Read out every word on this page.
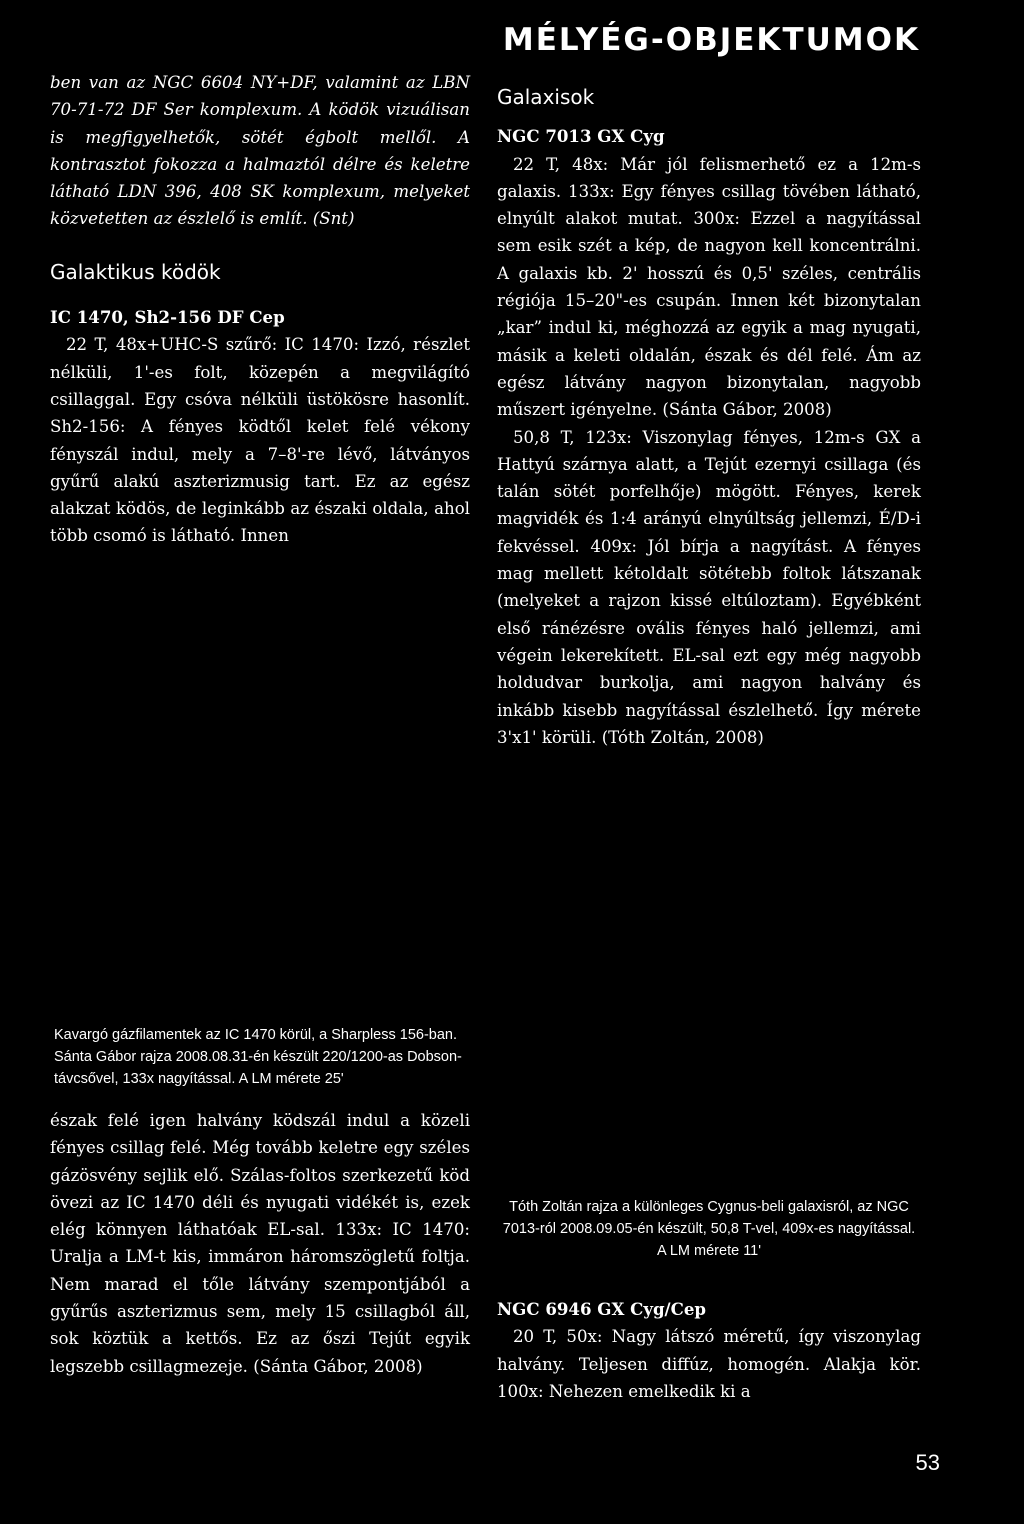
MÉLYÉG-OBJEKTUMOK

ben van az NGC 6604 NY+DF, valamint az LBN 70-71-72 DF Ser komplexum. A ködök vizuálisan is megfigyelhetők, sötét égbolt mellől. A kontrasztot fokozza a halmaztól délre és keletre látható LDN 396, 408 SK komplexum, melyeket közvetetten az észlelő is említ. (Snt)

Galaktikus ködök

IC 1470, Sh2-156 DF Cep

22 T, 48x+UHC-S szűrő: IC 1470: Izzó, részlet nélküli, 1'-es folt, közepén a megvilágító csillaggal. Egy csóva nélküli üstökösre hasonlít. Sh2-156: A fényes ködtől kelet felé vékony fényszál indul, mely a 7–8'-re lévő, látványos gyűrű alakú aszterizmusig tart. Ez az egész alakzat ködös, de leginkább az északi oldala, ahol több csomó is látható. Innen

Kavargó gázfilamentek az IC 1470 körül, a Sharpless 156-ban. Sánta Gábor rajza 2008.08.31-én készült 220/1200-as Dobson-távcsővel, 133x nagyítással. A LM mérete 25'

észak felé igen halvány ködszál indul a közeli fényes csillag felé. Még tovább keletre egy széles gázösvény sejlik elő. Szálas-foltos szerkezetű köd övezi az IC 1470 déli és nyugati vidékét is, ezek elég könnyen láthatóak EL-sal. 133x: IC 1470: Uralja a LM-t kis, immáron háromszögletű foltja. Nem marad el tőle látvány szempontjából a gyűrűs aszterizmus sem, mely 15 csillagból áll, sok köztük a kettős. Ez az őszi Tejút egyik legszebb csillagmezeje. (Sánta Gábor, 2008)

Galaxisok

NGC 7013 GX Cyg

22 T, 48x: Már jól felismerhető ez a 12m-s galaxis. 133x: Egy fényes csillag tövében látható, elnyúlt alakot mutat. 300x: Ezzel a nagyítással sem esik szét a kép, de nagyon kell koncentrálni. A galaxis kb. 2' hosszú és 0,5' széles, centrális régiója 15–20"-es csupán. Innen két bizonytalan „kar” indul ki, méghozzá az egyik a mag nyugati, másik a keleti oldalán, észak és dél felé. Ám az egész látvány nagyon bizonytalan, nagyobb műszert igényelne. (Sánta Gábor, 2008)

50,8 T, 123x: Viszonylag fényes, 12m-s GX a Hattyú szárnya alatt, a Tejút ezernyi csillaga (és talán sötét porfelhője) mögött. Fényes, kerek magvidék és 1:4 arányú elnyúltság jellemzi, É/D-i fekvéssel. 409x: Jól bírja a nagyítást. A fényes mag mellett kétoldalt sötétebb foltok látszanak (melyeket a rajzon kissé eltúloztam). Egyébként első ránézésre ovális fényes haló jellemzi, ami végein lekerekített. EL-sal ezt egy még nagyobb holdudvar burkolja, ami nagyon halvány és inkább kisebb nagyítással észlelhető. Így mérete 3'x1' körüli. (Tóth Zoltán, 2008)

Tóth Zoltán rajza a különleges Cygnus-beli galaxisról, az NGC 7013-ról 2008.09.05-én készült, 50,8 T-vel, 409x-es nagyítással. A LM mérete 11'

NGC 6946 GX Cyg/Cep

20 T, 50x: Nagy látszó méretű, így viszonylag halvány. Teljesen diffúz, homogén. Alakja kör. 100x: Nehezen emelkedik ki a

53
